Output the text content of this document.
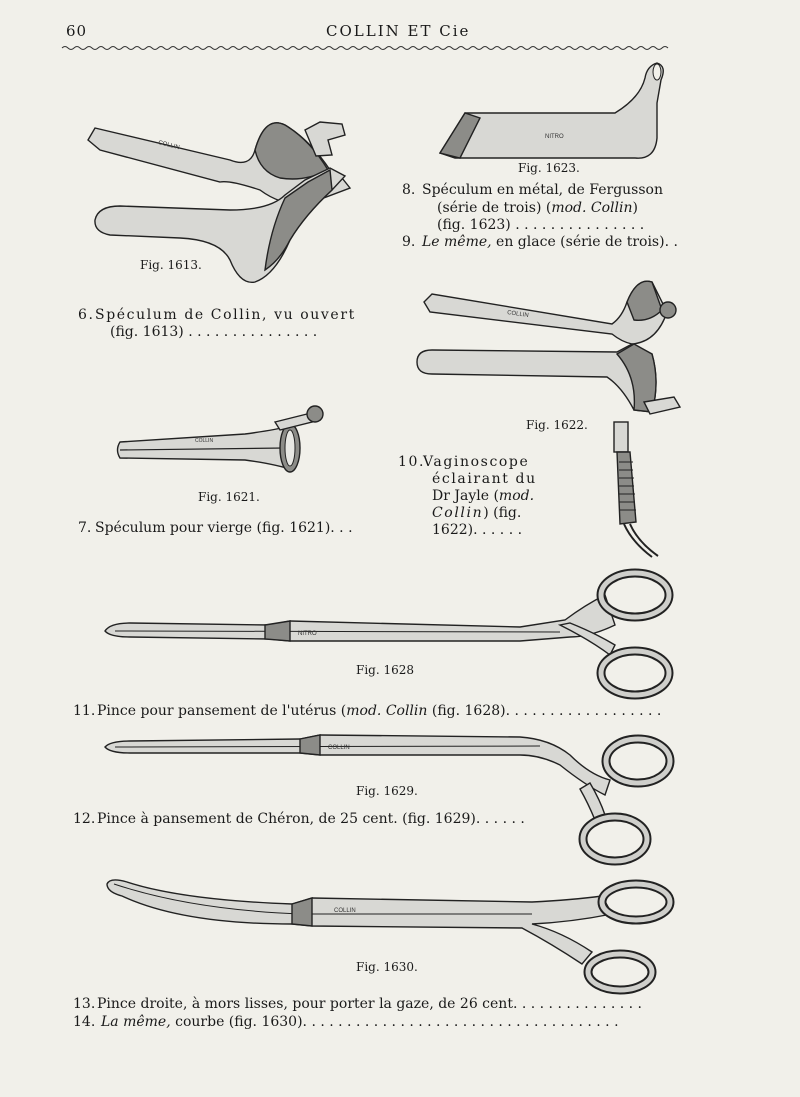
60	COLLIN ET Cie
COLLIN
Fig. 1613.
6. Spéculum de Collin, vu ouvert
(fig. 1613) . . . . . . . . . . . . . . .
COLLIN
Fig. 1621.
7. Spéculum pour vierge (fig. 1621). . .
NITRO
Fig. 1623.
8. Spéculum en métal, de Fergusson
(série de trois) (mod. Collin)
(fig. 1623) . . . . . . . . . . . . . . .
9. Le même, en glace (série de trois). .
COLLIN
Fig. 1622.
10.
Vaginoscope
éclairant du
Dr Jayle (mod.
Collin) (fig.
1622). . . . . .
NITRO
Fig. 1628
11. Pince pour pansement de l'utérus (mod. Collin (fig. 1628). . . . . . . . . . . . . . . . . .
COLLIN
Fig. 1629.
12. Pince à pansement de Chéron, de 25 cent. (fig. 1629). . . . . .
COLLIN
Fig. 1630.
13. Pince droite, à mors lisses, pour porter la gaze, de 26 cent. . . . . . . . . . . . . . .
14. La même, courbe (fig. 1630). . . . . . . . . . . . . . . . . . . . . . . . . . . . . . . . . . . .
